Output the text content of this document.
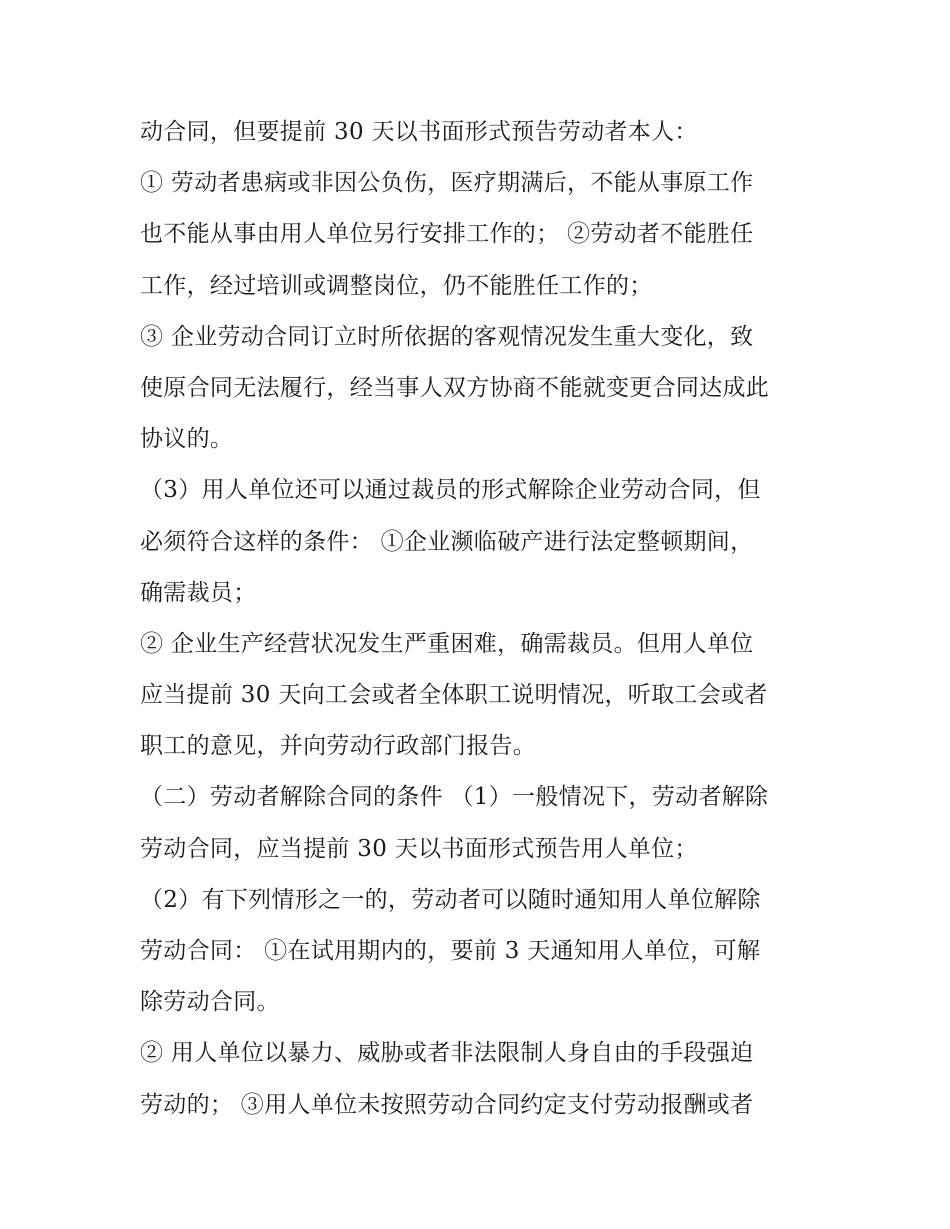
动合同，但要提前 30 天以书面形式预告劳动者本人：
① 劳动者患病或非因公负伤，医疗期满后，不能从事原工作
也不能从事由用人单位另行安排工作的； ②劳动者不能胜任
工作，经过培训或调整岗位，仍不能胜任工作的；
③ 企业劳动合同订立时所依据的客观情况发生重大变化，致
使原合同无法履行，经当事人双方协商不能就变更合同达成此
协议的。
（3）用人单位还可以通过裁员的形式解除企业劳动合同，但
必须符合这样的条件： ①企业濒临破产进行法定整顿期间，
确需裁员；
② 企业生产经营状况发生严重困难，确需裁员。但用人单位
应当提前 30 天向工会或者全体职工说明情况，听取工会或者
职工的意见，并向劳动行政部门报告。
（二）劳动者解除合同的条件 （1）一般情况下，劳动者解除
劳动合同，应当提前 30 天以书面形式预告用人单位；
（2）有下列情形之一的，劳动者可以随时通知用人单位解除
劳动合同： ①在试用期内的，要前 3 天通知用人单位，可解
除劳动合同。
② 用人单位以暴力、威胁或者非法限制人身自由的手段强迫
劳动的； ③用人单位未按照劳动合同约定支付劳动报酬或者
